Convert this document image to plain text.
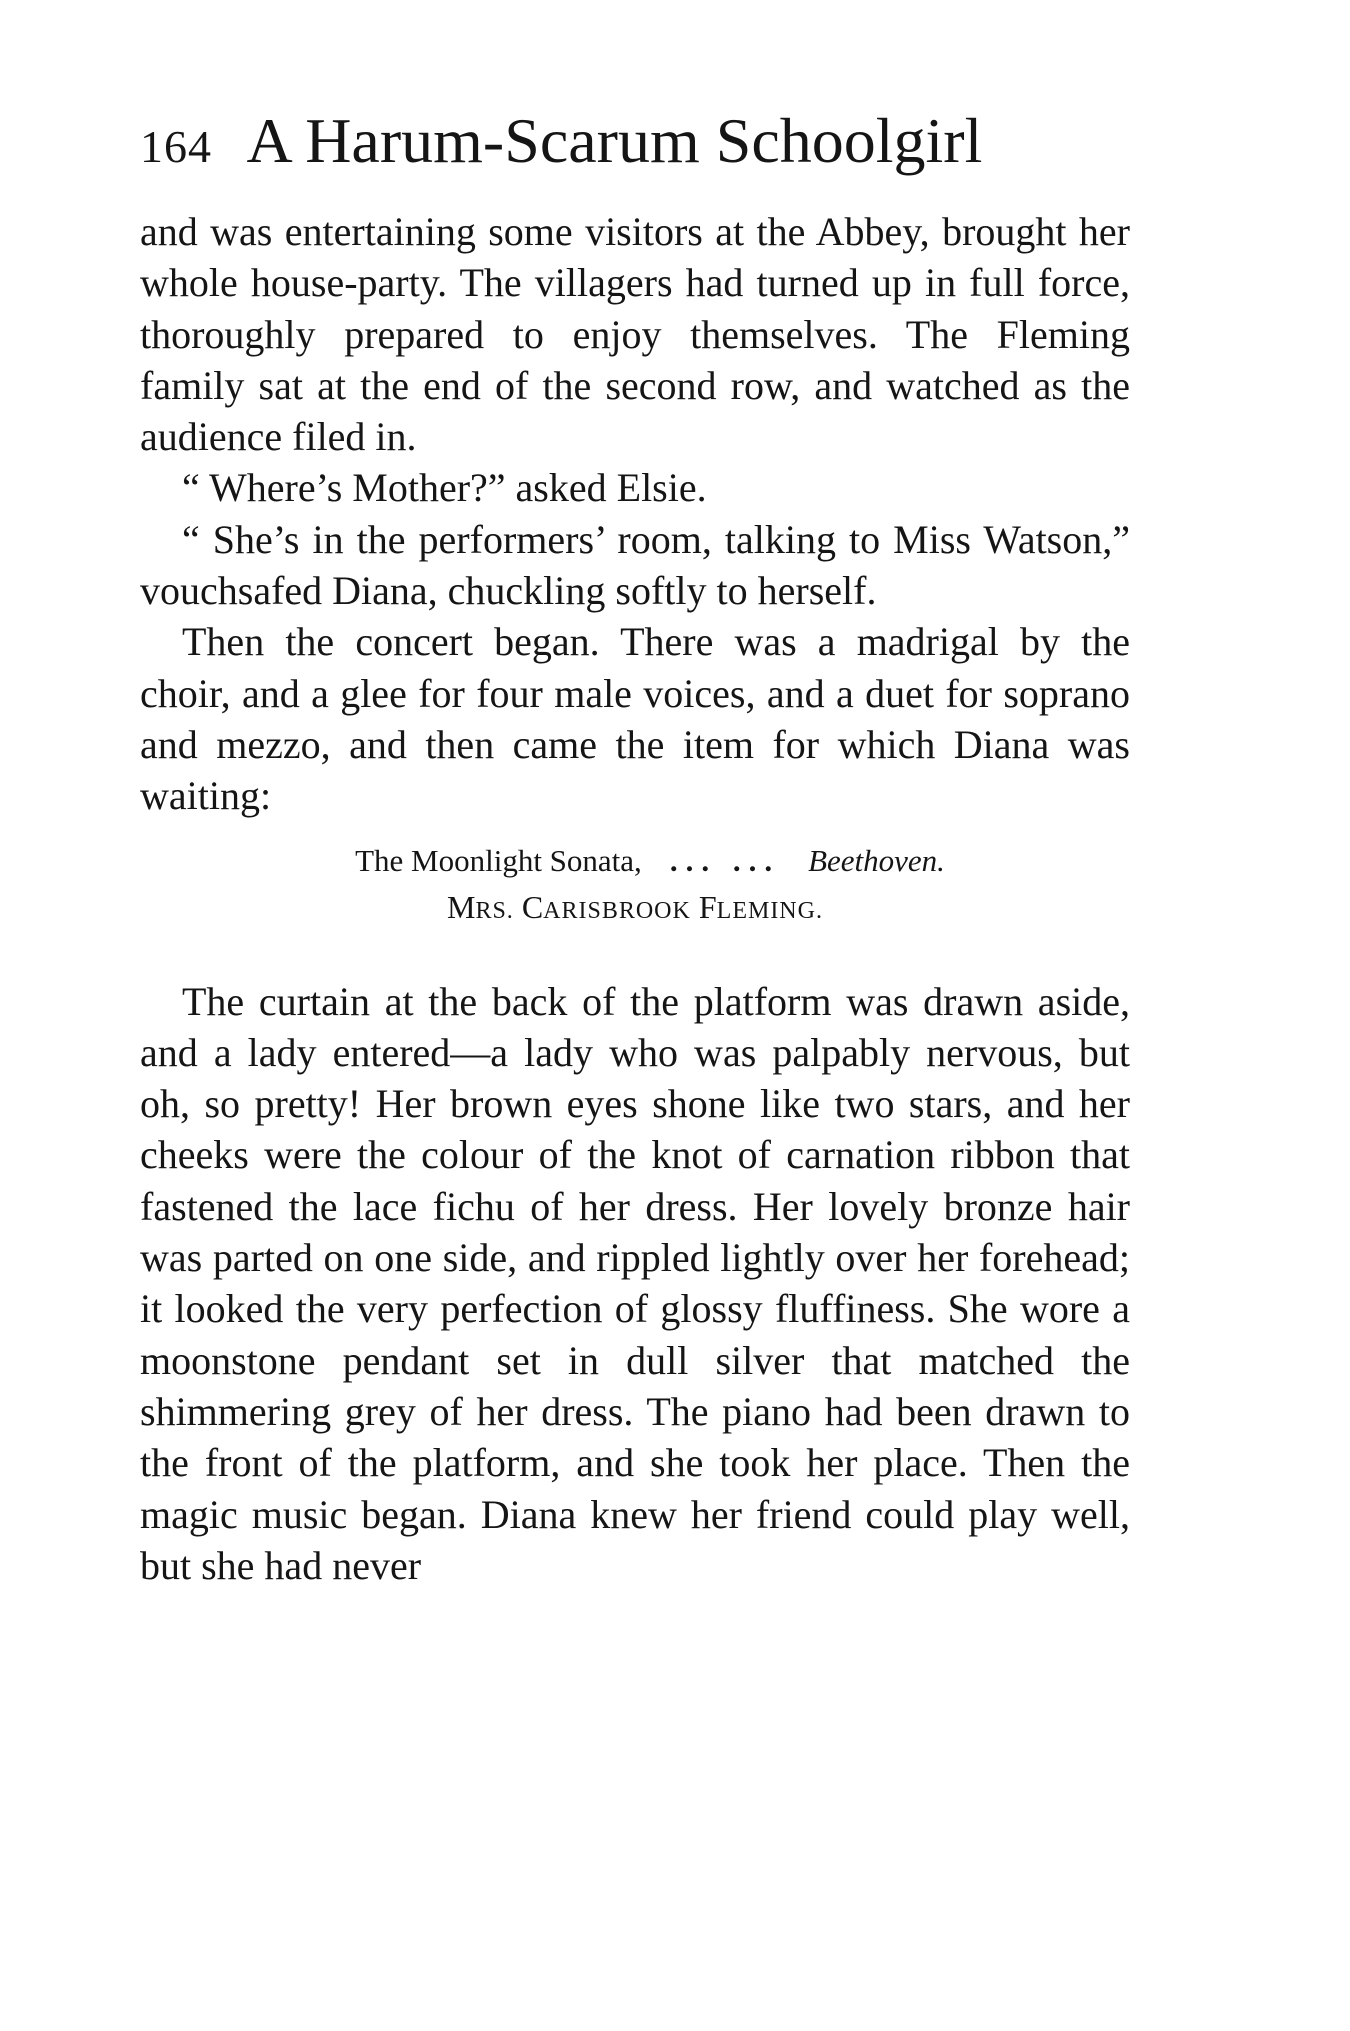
164 A Harum-Scarum Schoolgirl

and was entertaining some visitors at the Abbey, brought her whole house-party. The villagers had turned up in full force, thoroughly prepared to enjoy themselves. The Fleming family sat at the end of the second row, and watched as the audience filed in.

“ Where’s Mother?” asked Elsie.

“ She’s in the performers’ room, talking to Miss Watson,” vouchsafed Diana, chuckling softly to herself.

Then the concert began. There was a madrigal by the choir, and a glee for four male voices, and a duet for soprano and mezzo, and then came the item for which Diana was waiting:

The Moonlight Sonata, ... ... Beethoven.
MRS. CARISBROOK FLEMING.

The curtain at the back of the platform was drawn aside, and a lady entered—a lady who was palpably nervous, but oh, so pretty! Her brown eyes shone like two stars, and her cheeks were the colour of the knot of carnation ribbon that fastened the lace fichu of her dress. Her lovely bronze hair was parted on one side, and rippled lightly over her forehead; it looked the very perfection of glossy fluffiness. She wore a moonstone pendant set in dull silver that matched the shimmering grey of her dress. The piano had been drawn to the front of the platform, and she took her place. Then the magic music began. Diana knew her friend could play well, but she had never
